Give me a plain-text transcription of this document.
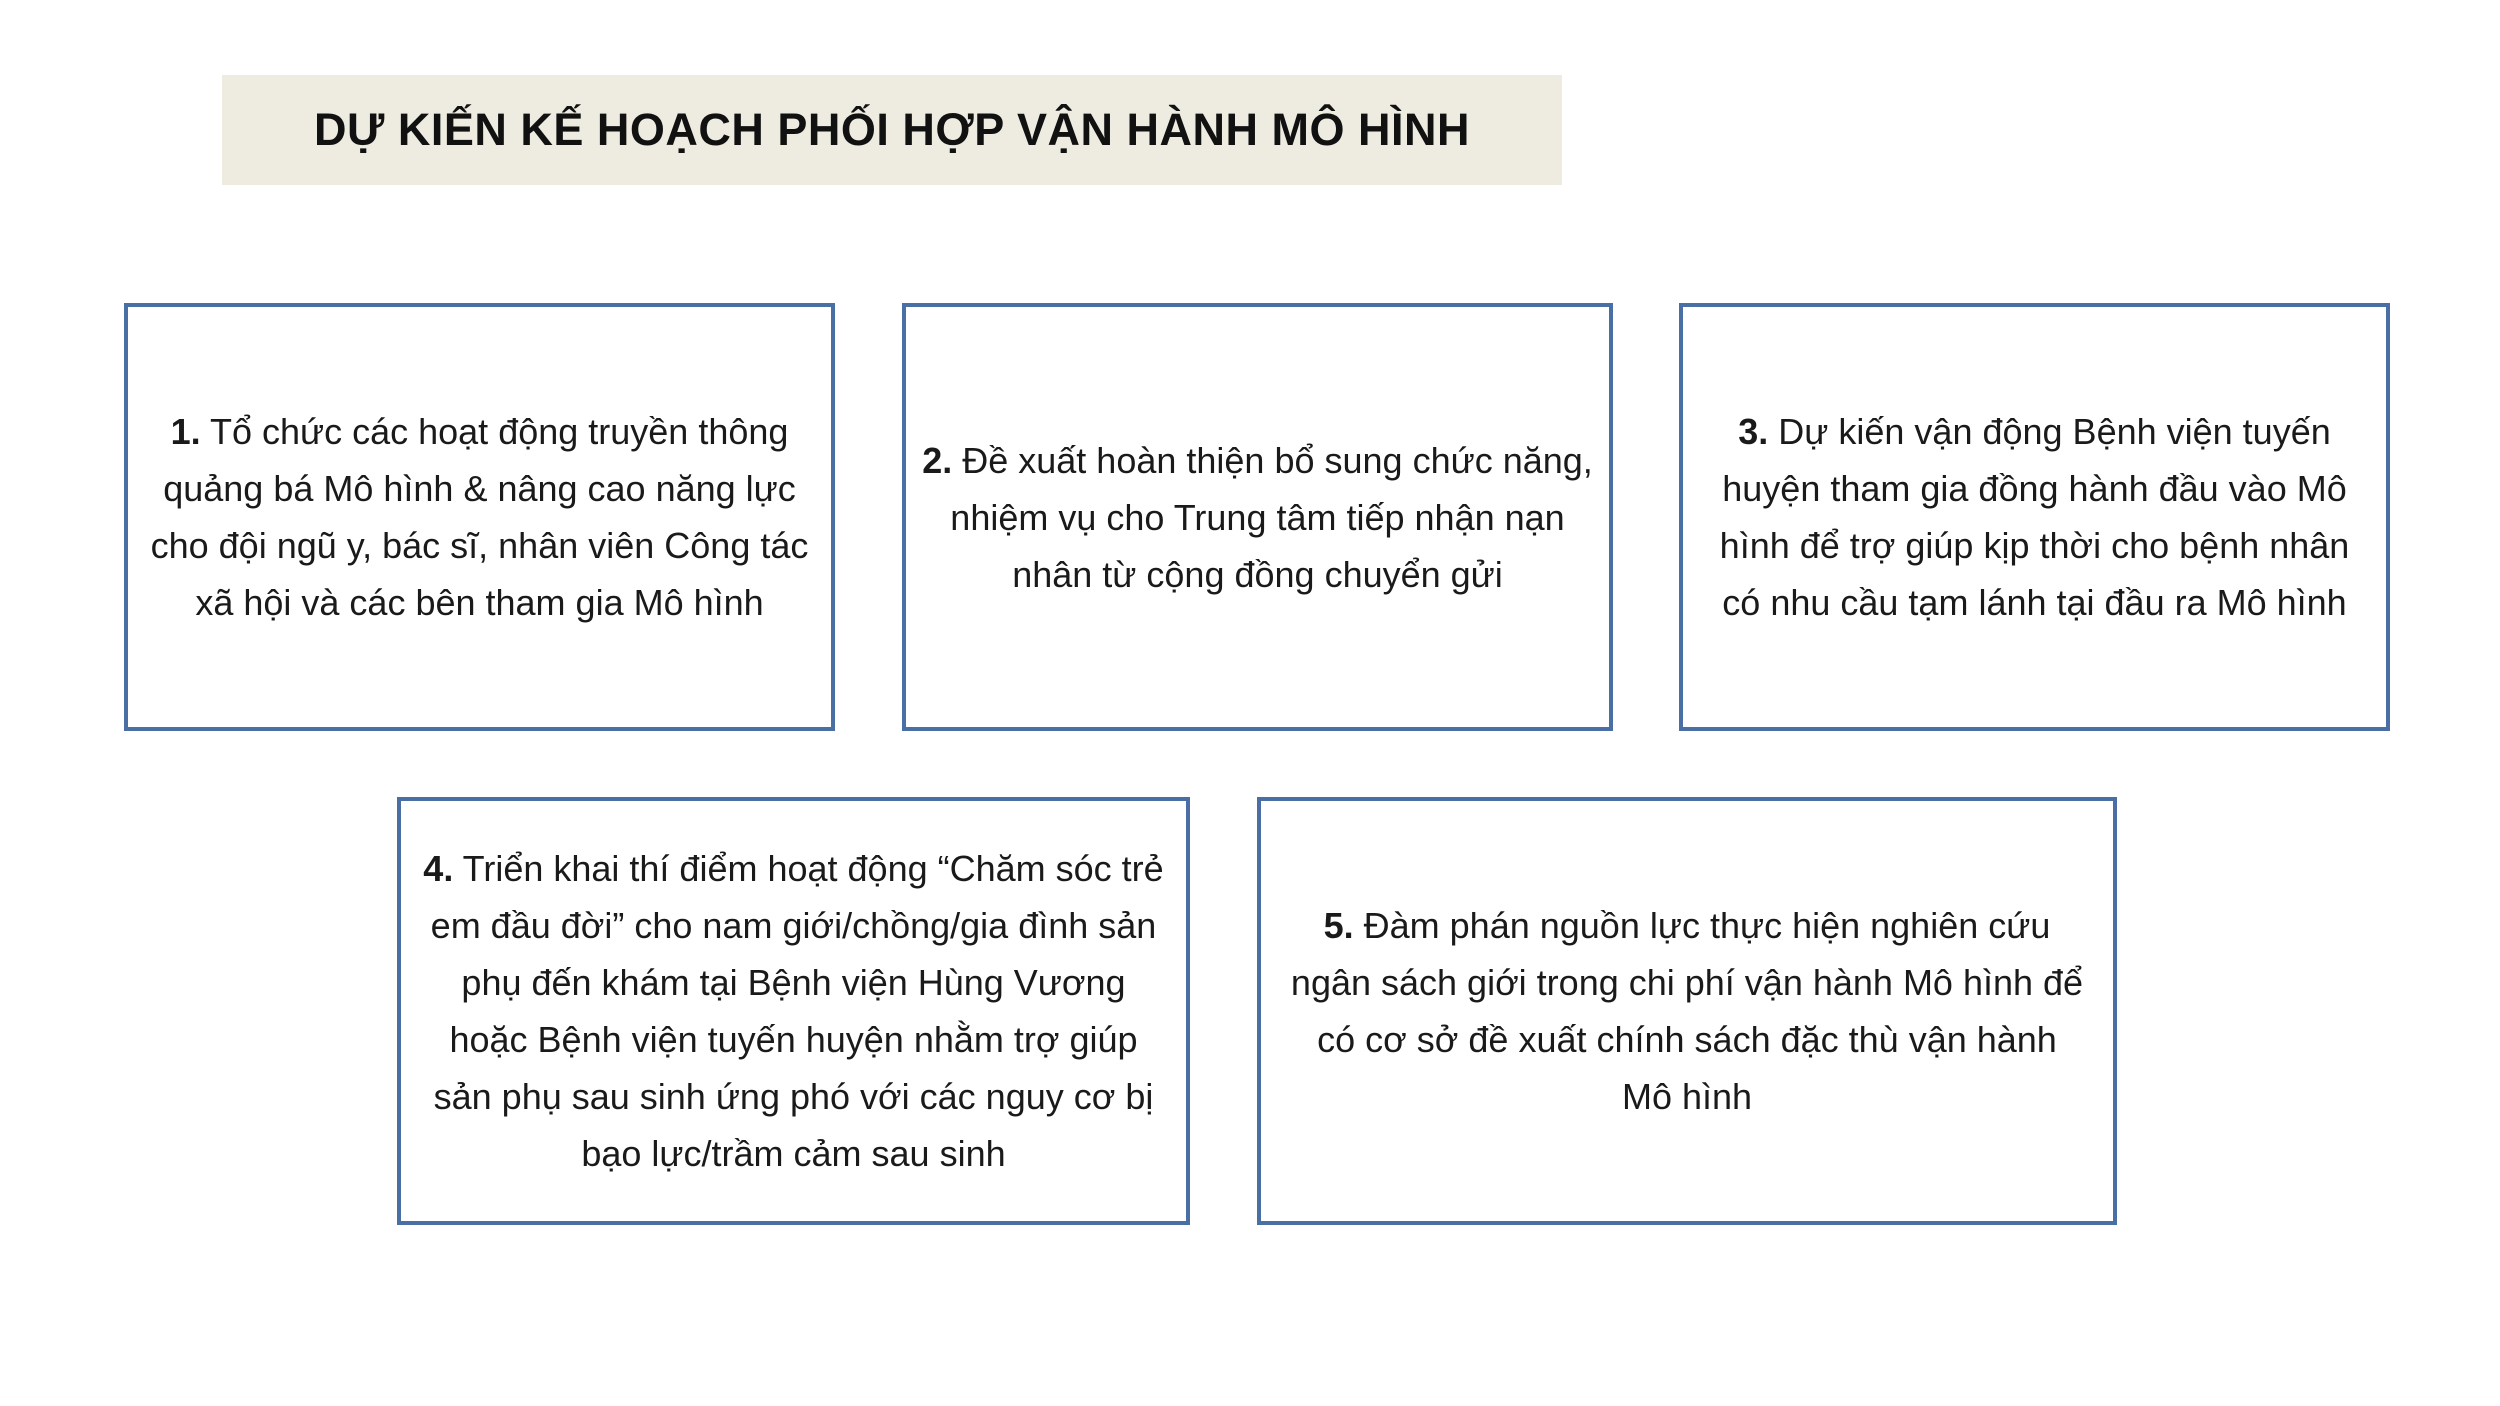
DỰ KIẾN KẾ HOẠCH PHỐI HỢP VẬN HÀNH MÔ HÌNH
1. Tổ chức các hoạt động truyền thông quảng bá Mô hình & nâng cao năng lực cho đội ngũ y, bác sĩ, nhân viên Công tác xã hội và các bên tham gia Mô hình
2. Đề xuất hoàn thiện bổ sung chức năng, nhiệm vụ cho Trung tâm tiếp nhận nạn nhân từ cộng đồng chuyển gửi
3. Dự kiến vận động Bệnh viện tuyến huyện tham gia đồng hành đầu vào Mô hình để trợ giúp kịp thời cho bệnh nhân có nhu cầu tạm lánh tại đầu ra Mô hình
4. Triển khai thí điểm hoạt động “Chăm sóc trẻ em đầu đời” cho nam giới/chồng/gia đình sản phụ đến khám tại Bệnh viện Hùng Vương hoặc Bệnh viện tuyến huyện nhằm trợ giúp sản phụ sau sinh ứng phó với các nguy cơ bị bạo lực/trầm cảm sau sinh
5. Đàm phán nguồn lực thực hiện nghiên cứu ngân sách giới trong chi phí vận hành Mô hình để có cơ sở đề xuất chính sách đặc thù vận hành Mô hình
